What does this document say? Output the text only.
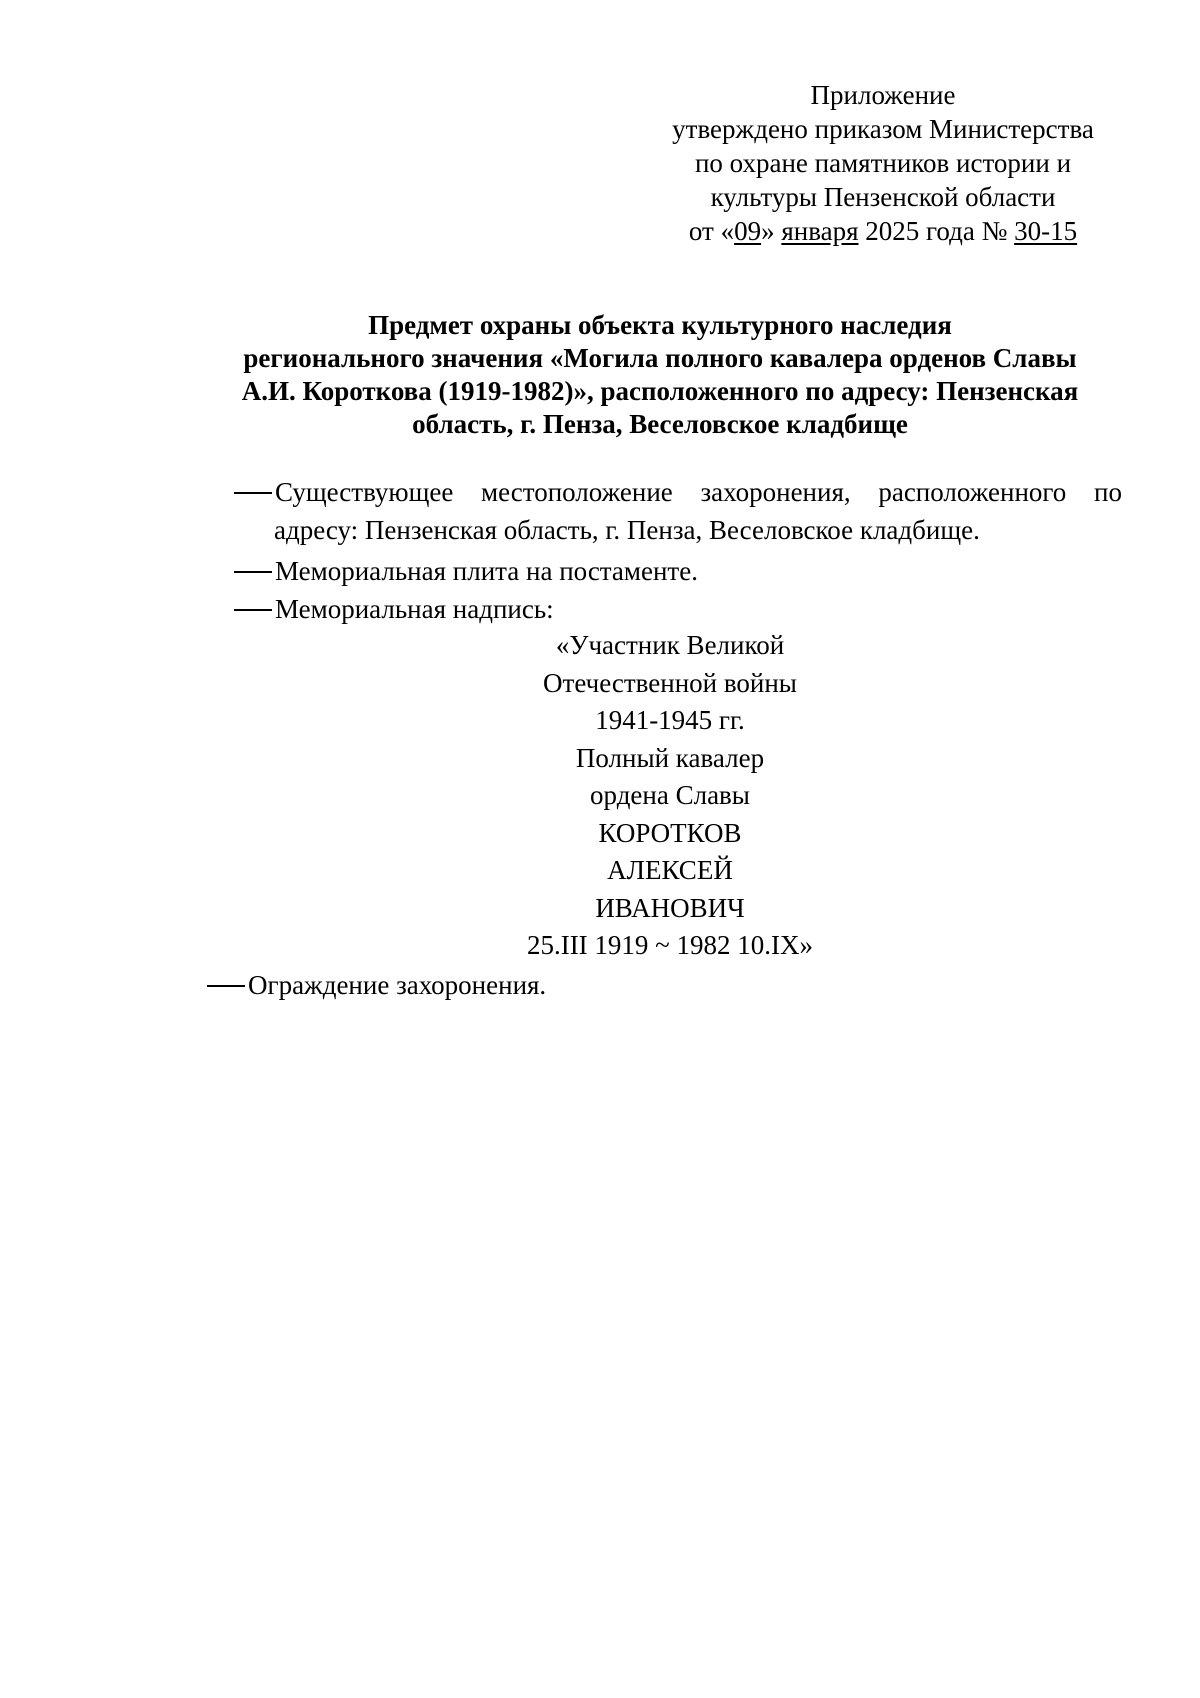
Приложение
утверждено приказом Министерства
по охране памятников истории и
культуры Пензенской области
от «09» января 2025 года № 30-15
Предмет охраны объекта культурного наследия
регионального значения «Могила полного кавалера орденов Славы
А.И. Короткова (1919-1982)», расположенного по адресу: Пензенская
область, г. Пенза, Веселовское кладбище
Существующее местоположение захоронения, расположенного по
адресу: Пензенская область, г. Пенза, Веселовское кладбище.
Мемориальная плита на постаменте.
Мемориальная надпись:
«Участник Великой
Отечественной войны
1941-1945 гг.
Полный кавалер
ордена Славы
КОРОТКОВ
АЛЕКСЕЙ
ИВАНОВИЧ
25.III 1919 ~ 1982 10.IX»
Ограждение захоронения.
